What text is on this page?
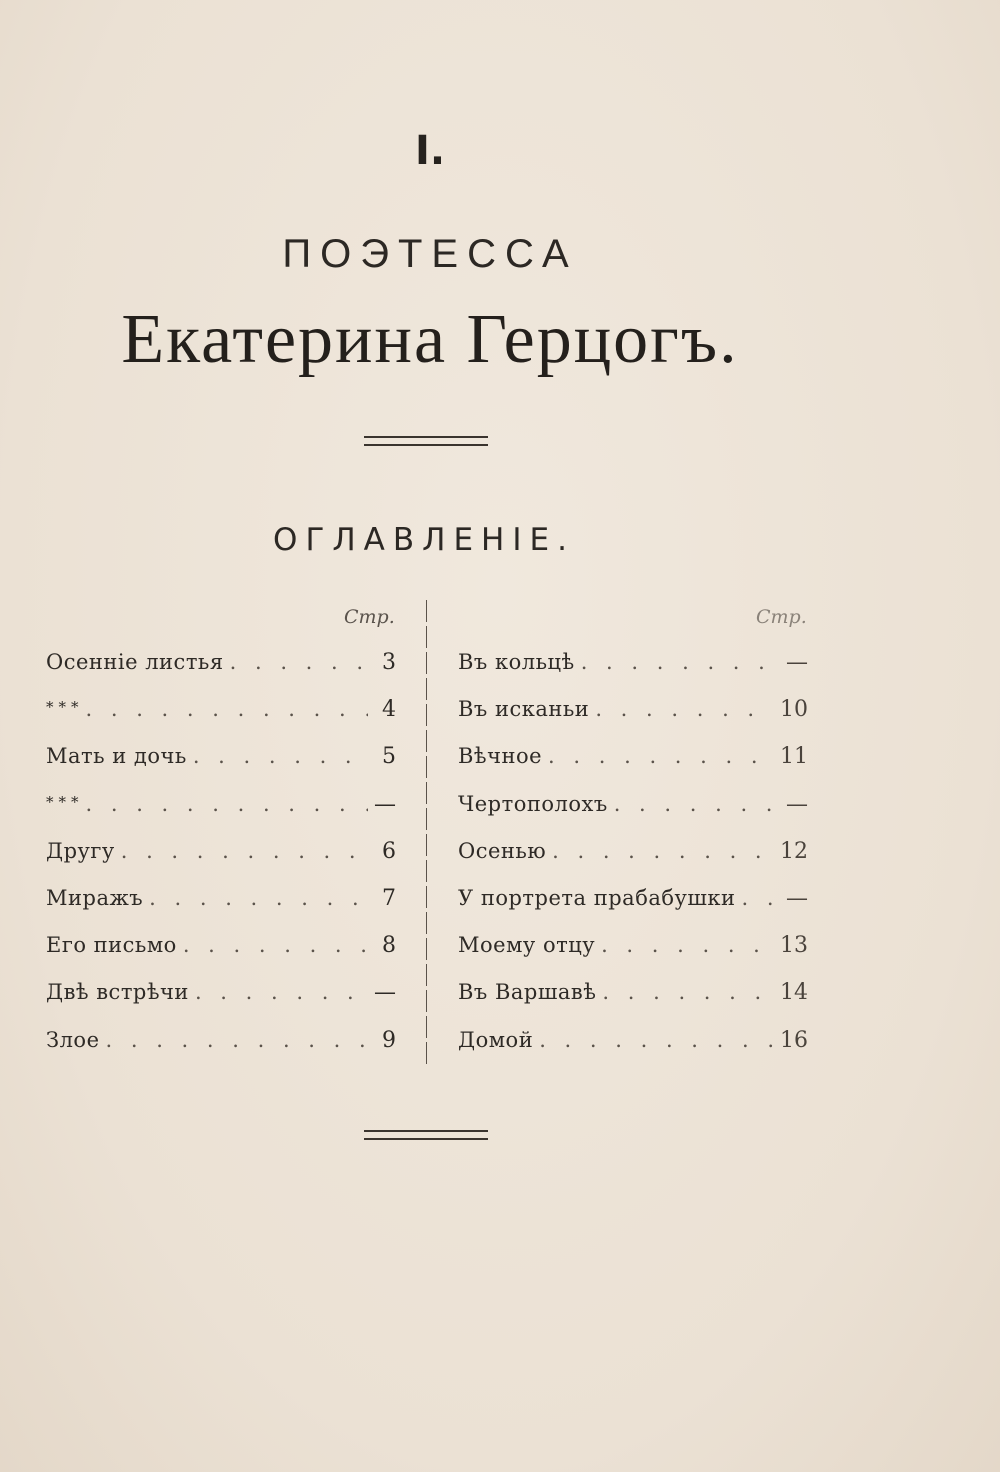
I.
ПОЭТЕССА
Екатерина Герцогъ.
ОГЛАВЛЕНІЕ.
Стр.	Стр.
Осенніе листья . . .	3
* * * . . .	4
Мать и дочь . . .	5
* * * . . .	—
Другу . . .	6
Миражъ . . .	7
Его письмо . . .	8
Двѣ встрѣчи . . .	—
Злое . . .	9
Въ кольцѣ . . .	—
Въ исканьи . . .	10
Вѣчное . . .	11
Чертополохъ . . .	—
Осенью . . .	12
У портрета прабабушки . . . —
Моему отцу . . .	13
Въ Варшавѣ . . .	14
Домой . . .	16
